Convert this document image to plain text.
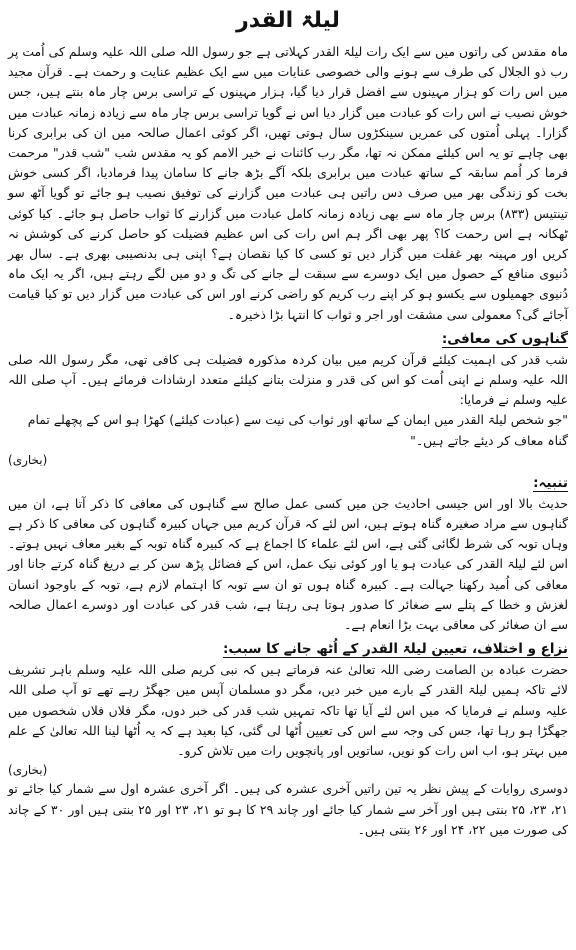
لیلۃ القدر

ماہ مقدس کی راتوں میں سے ایک رات لیلۃ القدر کہلاتی ہے جو رسول اللہ صلی اللہ علیہ وسلم کی اُمت پر رب ذو الجلال کی طرف سے ہونے والی خصوصی عنایات میں سے ایک عظیم عنایت و رحمت ہے۔ قرآن مجید میں اس رات کو ہزار مہینوں سے افضل قرار دیا گیا، ہزار مہینوں کے تراسی برس چار ماہ بنتے ہیں، جس خوش نصیب نے اس رات کو عبادت میں گزار دیا اس نے گویا تراسی برس چار ماہ سے زیادہ زمانہ عبادت میں گزارا۔ پہلی اُمتوں کی عمریں سینکڑوں سال ہوتی تھیں، اگر کوئی اعمال صالحہ میں ان کی برابری کرنا بھی چاہے تو یہ اس کیلئے ممکن نہ تھا، مگر رب کائنات نے خیر الامم کو یہ مقدس شب "شب قدر" مرحمت فرما کر اُمم سابقہ کے ساتھ عبادت میں برابری بلکہ آگے بڑھ جانے کا سامان پیدا فرمادیا، اگر کسی خوش بخت کو زندگی بھر میں صرف دس راتیں ہی عبادت میں گزارنے کی توفیق نصیب ہو جائے تو گویا آٹھ سو تینتیس (۸۳۳) برس چار ماہ سے بھی زیادہ زمانہ کامل عبادت میں گزارنے کا ثواب حاصل ہو جائے۔ کیا کوئی ٹھکانہ ہے اس رحمت کا؟ پھر بھی اگر ہم اس رات کی اس عظیم فضیلت کو حاصل کرنے کی کوشش نہ کریں اور مہینہ بھر غفلت میں گزار دیں تو کسی کا کیا نقصان ہے؟ اپنی ہی بدنصیبی بھری ہے۔ سال بھر دُنیوی منافع کے حصول میں ایک دوسرے سے سبقت لے جانے کی تگ و دو میں لگے رہتے ہیں، اگر یہ ایک ماہ دُنیوی جھمیلوں سے یکسو ہو کر اپنے رب کریم کو راضی کرنے اور اس کی عبادت میں گزار دیں تو کیا قیامت آجائے گی؟ معمولی سی مشقت اور اجر و ثواب کا انتہا بڑا ذخیرہ۔

گناہوں کی معافی:

شب قدر کی اہمیت کیلئے قرآن کریم میں بیان کردہ مذکورہ فضیلت ہی کافی تھی، مگر رسول اللہ صلی اللہ علیہ وسلم نے اپنی اُمت کو اس کی قدر و منزلت بتانے کیلئے متعدد ارشادات فرمائے ہیں۔ آپ صلی اللہ علیہ وسلم نے فرمایا:

"جو شخص لیلۃ القدر میں ایمان کے ساتھ اور ثواب کی نیت سے (عبادت کیلئے) کھڑا ہو اس کے پچھلے تمام گناہ معاف کر دیئے جاتے ہیں۔"

(بخاری)

تنبیہ:

حدیث بالا اور اس جیسی احادیث جن میں کسی عمل صالح سے گناہوں کی معافی کا ذکر آتا ہے، ان میں گناہوں سے مراد صغیرہ گناہ ہوتے ہیں، اس لئے کہ قرآن کریم میں جہاں کبیرہ گناہوں کی معافی کا ذکر ہے وہاں توبہ کی شرط لگائی گئی ہے، اس لئے علماء کا اجماع ہے کہ کبیرہ گناہ توبہ کے بغیر معاف نہیں ہوتے۔ اس لئے لیلۃ القدر کی عبادت ہو یا اور کوئی نیک عمل، اس کے فضائل پڑھ سن کر بے دریغ گناہ کرتے جانا اور معافی کی اُمید رکھنا جہالت ہے۔ کبیرہ گناہ ہوں تو ان سے توبہ کا اہتمام لازم ہے، توبہ کے باوجود انسان لغزش و خطا کے پتلے سے صغائر کا صدور ہوتا ہی رہتا ہے، شب قدر کی عبادت اور دوسرے اعمال صالحہ سے ان صغائر کی معافی بہت بڑا انعام ہے۔

نزاع و اختلاف، تعیین لیلۃ القدر کے اُٹھ جانے کا سبب:

حضرت عبادہ بن الصامت رضی اللہ تعالیٰ عنہ فرماتے ہیں کہ نبی کریم صلی اللہ علیہ وسلم باہر تشریف لائے تاکہ ہمیں لیلۃ القدر کے بارے میں خبر دیں، مگر دو مسلمان آپس میں جھگڑ رہے تھے تو آپ صلی اللہ علیہ وسلم نے فرمایا کہ میں اس لئے آیا تھا تاکہ تمہیں شب قدر کی خبر دوں، مگر فلاں فلاں شخصوں میں جھگڑا ہو رہا تھا، جس کی وجہ سے اس کی تعیین اُٹھا لی گئی، کیا بعید ہے کہ یہ اُٹھا لینا اللہ تعالیٰ کے علم میں بہتر ہو، اب اس رات کو نویں، ساتویں اور پانچویں رات میں تلاش کرو۔

(بخاری)

دوسری روایات کے پیش نظر یہ تین راتیں آخری عشرہ کی ہیں۔ اگر آخری عشرہ اول سے شمار کیا جائے تو ۲۱، ۲۳، ۲۵ بنتی ہیں اور آخر سے شمار کیا جائے اور چاند ۲۹ کا ہو تو ۲۱، ۲۳ اور ۲۵ بنتی ہیں اور ۳۰ کے چاند کی صورت میں ۲۲، ۲۴ اور ۲۶ بنتی ہیں۔
